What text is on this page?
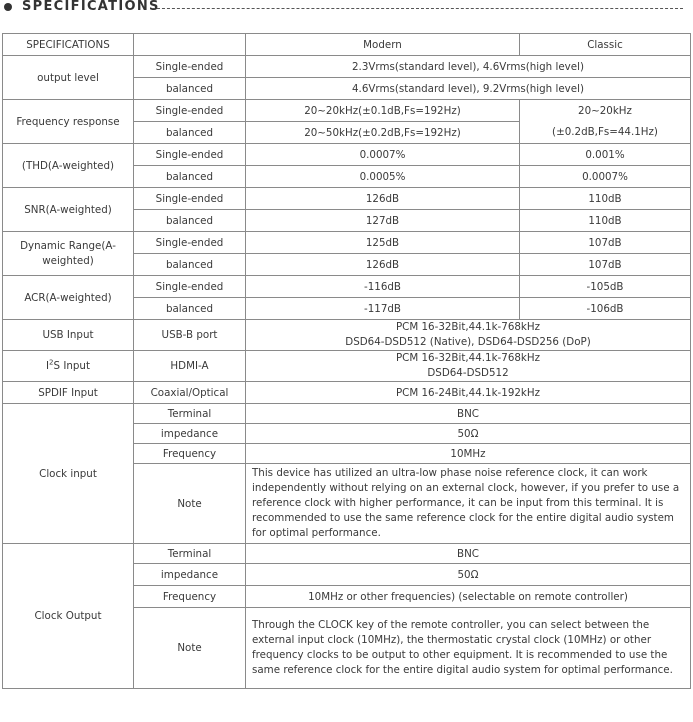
SPECIFICATIONS
SPECIFICATIONS		Modern	Classic
output level	Single-ended	2.3Vrms(standard level), 4.6Vrms(high level)	
	balanced	4.6Vrms(standard level), 9.2Vrms(high level)	
Frequency response	Single-ended	20~20kHz(±0.1dB,Fs=192Hz)	20~20kHz
(±0.2dB,Fs=44.1Hz)

	balanced	20~50kHz(±0.2dB,Fs=192Hz)	
(THD(A-weighted)	Single-ended	0.0007%	0.001%
	balanced	0.0005%	0.0007%
SNR(A-weighted)	Single-ended	126dB	110dB
	balanced	127dB	110dB

Dynamic Range(A-
weighted)	Single-ended	125dB	107dB
	balanced	126dB	107dB
ACR(A-weighted)	Single-ended	-116dB	-105dB
	balanced	-117dB	-106dB
USB Input	USB-B port	PCM 16-32Bit,44.1k-768kHz
DSD64-DSD512 (Native), DSD64-DSD256 (DoP)	

$I^2S$ Input	HDMI-A	PCM 16-32Bit,44.1k-768kHz
DSD64-DSD512	

SPDIF Input	Coaxial/Optical	PCM 16-24Bit,44.1k-192kHz	
Clock input	Terminal	BNC	
	impedance	50Ω	
	Frequency	10MHz	
	Note	This device has utilized an ultra-low phase noise reference clock, it can work independently without relying on an external clock, however, if you prefer to use a reference clock with higher performance, it can be input from this terminal. It is recommended to use the same reference clock for the entire digital audio system for optimal performance.	
Clock Output	Terminal	BNC	
	impedance	50Ω	
	Frequency	10MHz or other frequencies) (selectable on remote controller)	
	Note	Through the CLOCK key of the remote controller, you can select between the external input clock (10MHz), the thermostatic crystal clock (10MHz) or other frequency clocks to be output to other equipment. It is recommended to use the same reference clock for the entire digital audio system for optimal performance.	
